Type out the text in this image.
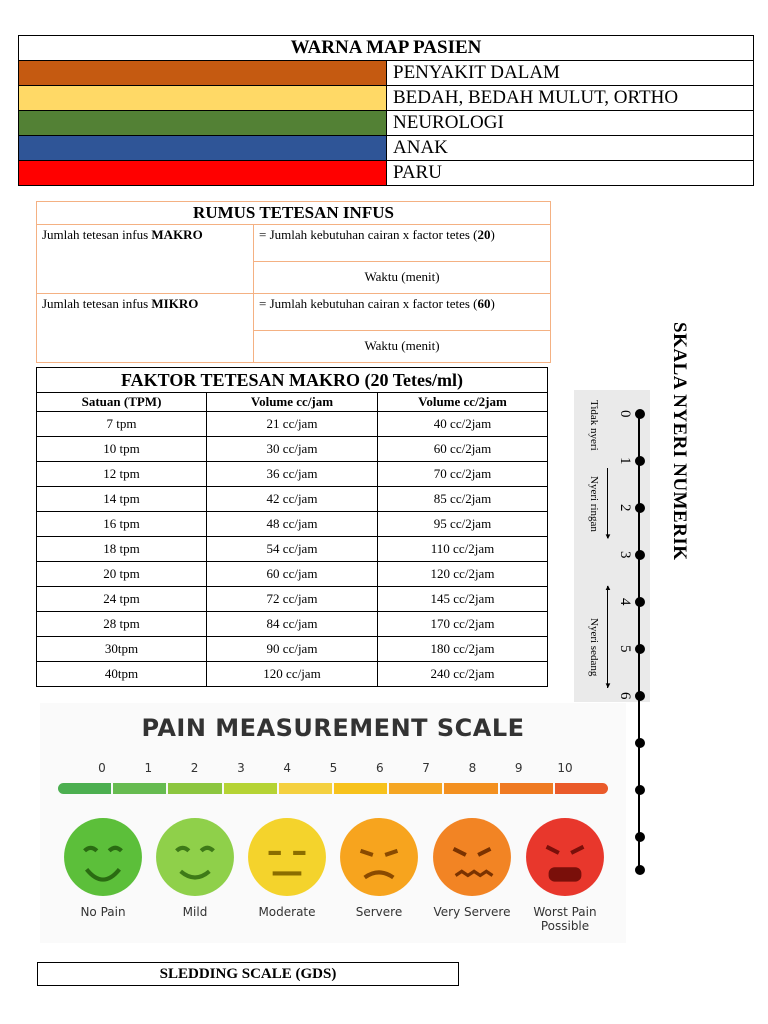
WARNA MAP PASIEN	
	PENYAKIT DALAM
	BEDAH, BEDAH MULUT, ORTHO
	NEUROLOGI
	ANAK
	PARU
RUMUS TETESAN INFUS	
Jumlah tetesan infus MAKRO	= Jumlah kebutuhan cairan x factor tetes (20)
	Waktu (menit)
Jumlah tetesan infus MIKRO	= Jumlah kebutuhan cairan x factor tetes (60)
	Waktu (menit)
FAKTOR TETESAN MAKRO (20 Tetes/ml)		
Satuan (TPM)	Volume cc/jam	Volume cc/2jam
7 tpm	21 cc/jam	40 cc/2jam
10 tpm	30 cc/jam	60 cc/2jam
12 tpm	36 cc/jam	70 cc/2jam
14 tpm	42 cc/jam	85 cc/2jam
16 tpm	48 cc/jam	95 cc/2jam
18 tpm	54 cc/jam	110 cc/2jam
20 tpm	60 cc/jam	120 cc/2jam
24 tpm	72 cc/jam	145 cc/2jam
28 tpm	84 cc/jam	170 cc/2jam
30tpm	90 cc/jam	180 cc/2jam
40tpm	120 cc/jam	240 cc/2jam
SKALA NYERI NUMERIK
0
1
2
3
4
5
6
Tidak nyeri
Nyeri ringan
Nyeri sedang
▼
▲
▼
PAIN MEASUREMENT SCALE
0	1	2	3	4	5	6	7	8	9	10
No Pain	Mild	Moderate	Servere	Very Servere	Worst Pain Possible
SLEDDING SCALE (GDS)
